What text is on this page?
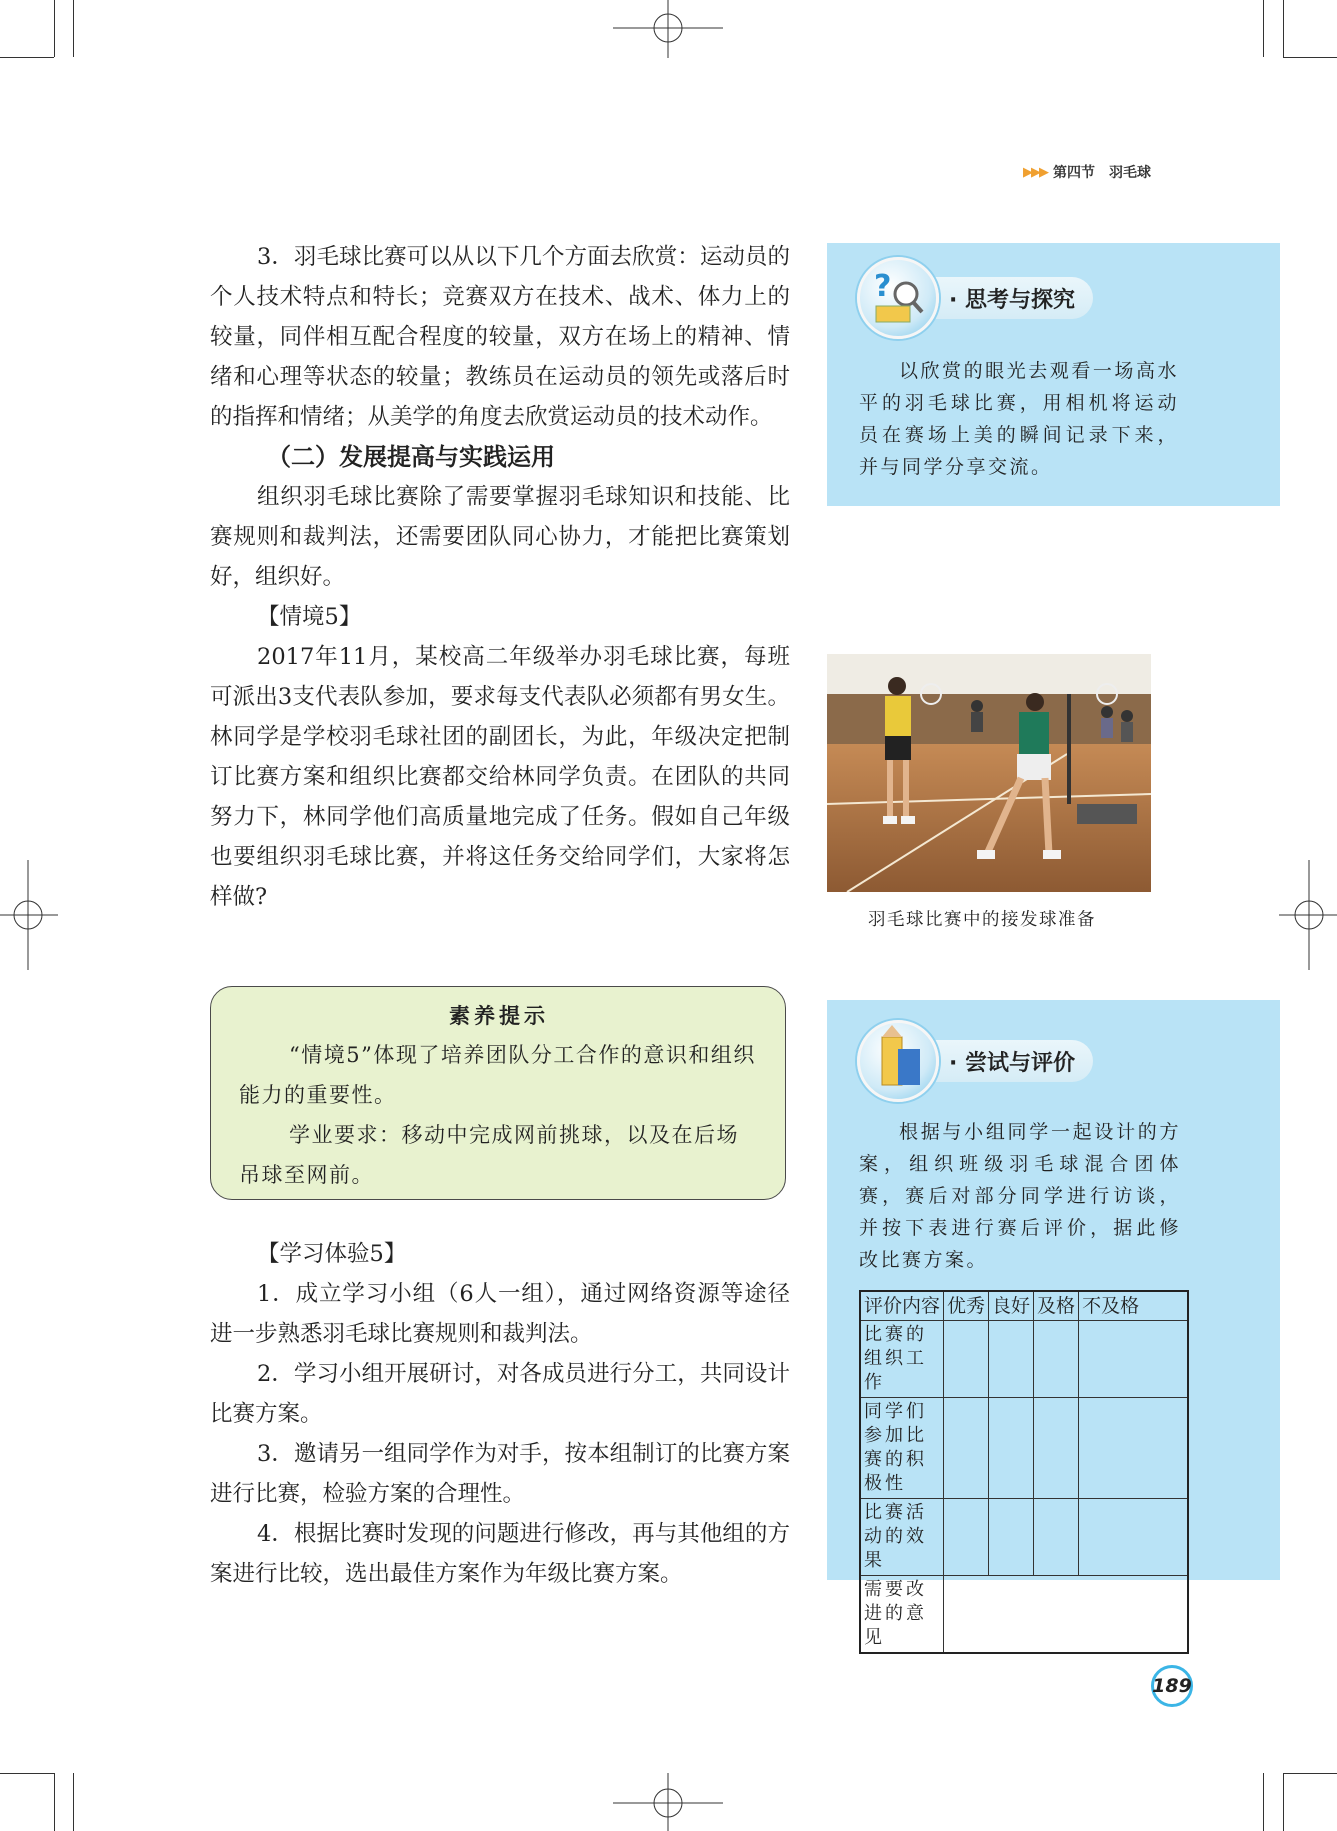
▶▶▶ 第四节 羽毛球

3．羽毛球比赛可以从以下几个方面去欣赏：运动员的个人技术特点和特长；竞赛双方在技术、战术、体力上的较量，同伴相互配合程度的较量，双方在场上的精神、情绪和心理等状态的较量；教练员在运动员的领先或落后时的指挥和情绪；从美学的角度去欣赏运动员的技术动作。

（二）发展提高与实践运用

组织羽毛球比赛除了需要掌握羽毛球知识和技能、比赛规则和裁判法，还需要团队同心协力，才能把比赛策划好，组织好。

【情境5】

2017年11月，某校高二年级举办羽毛球比赛，每班可派出3支代表队参加，要求每支代表队必须都有男女生。林同学是学校羽毛球社团的副团长，为此，年级决定把制订比赛方案和组织比赛都交给林同学负责。在团队的共同努力下，林同学他们高质量地完成了任务。假如自己年级也要组织羽毛球比赛，并将这任务交给同学们，大家将怎样做?

素养提示

“情境5”体现了培养团队分工合作的意识和组织能力的重要性。

学业要求：移动中完成网前挑球，以及在后场吊球至网前。

【学习体验5】

1．成立学习小组（6人一组），通过网络资源等途径进一步熟悉羽毛球比赛规则和裁判法。

2．学习小组开展研讨，对各成员进行分工，共同设计比赛方案。

3．邀请另一组同学作为对手，按本组制订的比赛方案进行比赛，检验方案的合理性。

4．根据比赛时发现的问题进行修改，再与其他组的方案进行比较，选出最佳方案作为年级比赛方案。

?	· 思考与探究

以欣赏的眼光去观看一场高水平的羽毛球比赛，用相机将运动员在赛场上美的瞬间记录下来，并与同学分享交流。

羽毛球比赛中的接发球准备
· 尝试与评价

根据与小组同学一起设计的方案，组织班级羽毛球混合团体赛，赛后对部分同学进行访谈，并按下表进行赛后评价，据此修改比赛方案。

评价内容	优秀	良好	及格	不及格
比赛的组织工作				
同学们参加比赛的积极性				
比赛活动的效果				
需要改进的意见				
189
